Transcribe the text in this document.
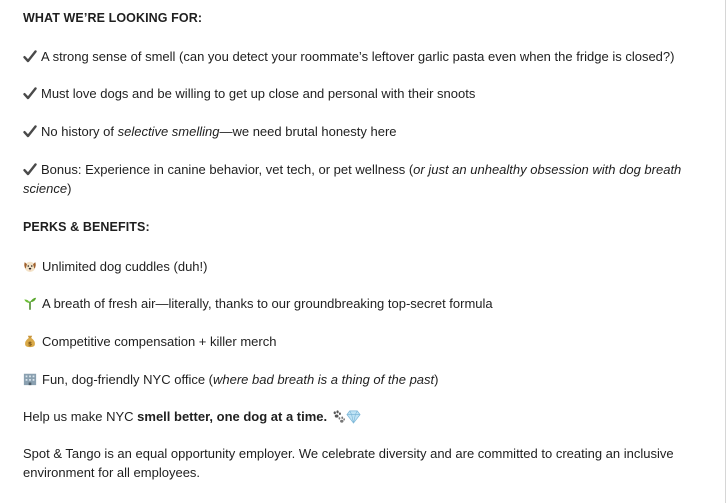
WHAT WE’RE LOOKING FOR:
A strong sense of smell (can you detect your roommate’s leftover garlic pasta even when the fridge is closed?)
Must love dogs and be willing to get up close and personal with their snoots
No history of selective smelling—we need brutal honesty here
Bonus: Experience in canine behavior, vet tech, or pet wellness (or just an unhealthy obsession with dog breath science)
PERKS & BENEFITS:
Unlimited dog cuddles (duh!)
A breath of fresh air—literally, thanks to our groundbreaking top-secret formula
$ Competitive compensation + killer merch
Fun, dog-friendly NYC office (where bad breath is a thing of the past)
Help us make NYC smell better, one dog at a time.
Spot & Tango is an equal opportunity employer. We celebrate diversity and are committed to creating an inclusive environment for all employees.
